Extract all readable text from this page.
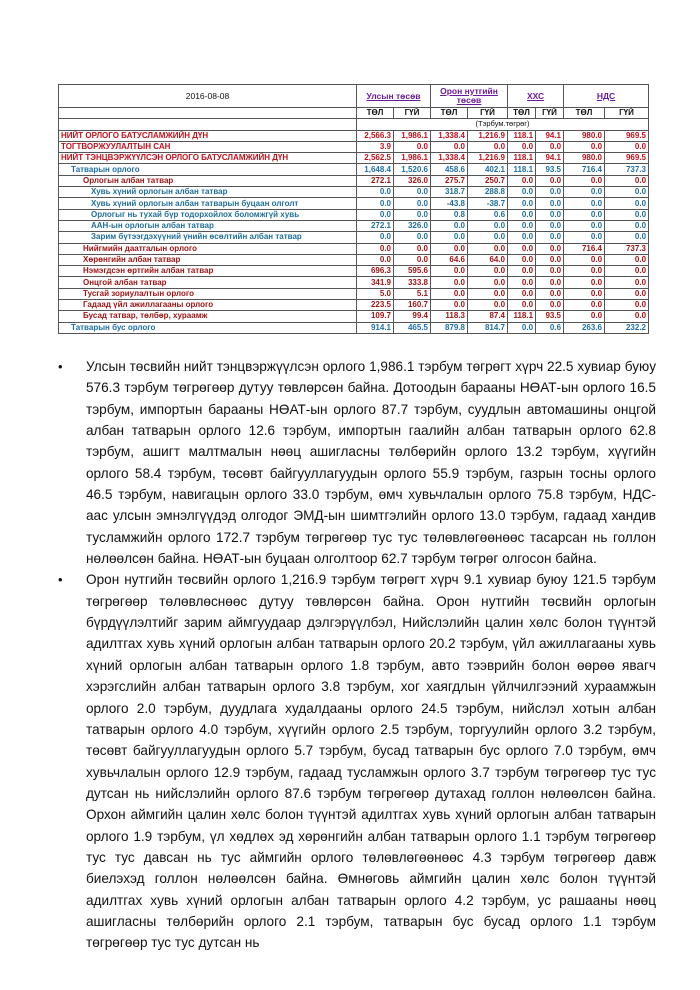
2016-08-08	Улсын төсөв		Орон нутгийн төсөв		ХХС		НДС	
	ТӨЛ	ГҮЙ	ТӨЛ	ГҮЙ	ТӨЛ	ГҮЙ	ТӨЛ	ГҮЙ
	(Тэрбум.төгрөг)							
НИЙТ ОРЛОГО БАТУСЛАМЖИЙН ДҮН	2,566.3	1,986.1	1,338.4	1,216.9	118.1	94.1	980.0	969.5
ТОГТВОРЖУУЛАЛТЫН САН	3.9	0.0	0.0	0.0	0.0	0.0	0.0	0.0
НИЙТ ТЭНЦВЭРЖҮҮЛСЭН ОРЛОГО БАТУСЛАМЖИЙН ДҮН	2,562.5	1,986.1	1,338.4	1,216.9	118.1	94.1	980.0	969.5
Татварын орлого	1,648.4	1,520.6	458.6	402.1	118.1	93.5	716.4	737.3
Орлогын албан татвар	272.1	326.0	275.7	250.7	0.0	0.0	0.0	0.0
Хувь хүний орлогын албан татвар	0.0	0.0	318.7	288.8	0.0	0.0	0.0	0.0
Хувь хүний орлогын албан татварын буцаан олголт	0.0	0.0	-43.8	-38.7	0.0	0.0	0.0	0.0
Орлогыг нь тухай бүр тодорхойлох боломжгүй хувь	0.0	0.0	0.8	0.6	0.0	0.0	0.0	0.0
ААН-ын орлогын албан татвар	272.1	326.0	0.0	0.0	0.0	0.0	0.0	0.0
Зарим бүтээгдэхүүний үнийн өсөлтийн албан татвар	0.0	0.0	0.0	0.0	0.0	0.0	0.0	0.0
Нийгмийн даатгалын орлого	0.0	0.0	0.0	0.0	0.0	0.0	716.4	737.3
Хөрөнгийн албан татвар	0.0	0.0	64.6	64.0	0.0	0.0	0.0	0.0
Нэмэгдсэн өртгийн албан татвар	696.3	595.6	0.0	0.0	0.0	0.0	0.0	0.0
Онцгой албан татвар	341.9	333.8	0.0	0.0	0.0	0.0	0.0	0.0
Тусгай зориулалтын орлого	5.0	5.1	0.0	0.0	0.0	0.0	0.0	0.0
Гадаад үйл ажиллагааны орлого	223.5	160.7	0.0	0.0	0.0	0.0	0.0	0.0
Бусад татвар, төлбөр, хураамж	109.7	99.4	118.3	87.4	118.1	93.5	0.0	0.0
Татварын бус орлого	914.1	465.5	879.8	814.7	0.0	0.6	263.6	232.2

• Улсын төсвийн нийт тэнцвэржүүлсэн орлого 1,986.1 тэрбум төгрөгт хүрч 22.5 хувиар буюу 576.3 тэрбум төгрөгөөр дутуу төвлөрсөн байна. Дотоодын барааны НӨАТ-ын орлого 16.5 тэрбум, импортын барааны НӨАТ-ын орлого 87.7 тэрбум, суудлын автомашины онцгой албан татварын орлого 12.6 тэрбум, импортын гаалийн албан татварын орлого 62.8 тэрбум, ашигт малтмалын нөөц ашигласны төлбөрийн орлого 13.2 тэрбум, хүүгийн орлого 58.4 тэрбум, төсөвт байгууллагуудын орлого 55.9 тэрбум, газрын тосны орлого 46.5 тэрбум, навигацын орлого 33.0 тэрбум, өмч хувьчлалын орлого 75.8 тэрбум, НДС-аас улсын эмнэлгүүдэд олгодог ЭМД-ын шимтгэлийн орлого 13.0 тэрбум, гадаад хандив тусламжийн орлого 172.7 тэрбум төгрөгөөр тус тус төлөвлөгөөнөөс тасарсан нь голлон нөлөөлсөн байна. НӨАТ-ын буцаан олголтоор 62.7 тэрбум төгрөг олгосон байна.

• Орон нутгийн төсвийн орлого 1,216.9 тэрбум төгрөгт хүрч 9.1 хувиар буюу 121.5 тэрбум төгрөгөөр төлөвлөснөөс дутуу төвлөрсөн байна. Орон нутгийн төсвийн орлогын бүрдүүлэлтийг зарим аймгуудаар дэлгэрүүлбэл, Нийслэлийн цалин хөлс болон түүнтэй адилтгах хувь хүний орлогын албан татварын орлого 20.2 тэрбум, үйл ажиллагааны хувь хүний орлогын албан татварын орлого 1.8 тэрбум, авто тээврийн болон өөрөө явагч хэрэгслийн албан татварын орлого 3.8 тэрбум, хог хаягдлын үйлчилгээний хураамжын орлого 2.0 тэрбум, дуудлага худалдааны орлого 24.5 тэрбум, нийслэл хотын албан татварын орлого 4.0 тэрбум, хүүгийн орлого 2.5 тэрбум, торгуулийн орлого 3.2 тэрбум, төсөвт байгууллагуудын орлого 5.7 тэрбум, бусад татварын бус орлого 7.0 тэрбум, өмч хувьчлалын орлого 12.9 тэрбум, гадаад тусламжын орлого 3.7 тэрбум төгрөгөөр тус тус дутсан нь нийслэлийн орлого 87.6 тэрбум төгрөгөөр дутахад голлон нөлөөлсөн байна. Орхон аймгийн цалин хөлс болон түүнтэй адилтгах хувь хүний орлогын албан татварын орлого 1.9 тэрбум, үл хөдлөх эд хөрөнгийн албан татварын орлого 1.1 тэрбум төгрөгөөр тус тус давсан нь тус аймгийн орлого төлөвлөгөөнөөс 4.3 тэрбум төгрөгөөр давж биелэхэд голлон нөлөөлсөн байна. Өмнөговь аймгийн цалин хөлс болон түүнтэй адилтгах хувь хүний орлогын албан татварын орлого 4.2 тэрбум, ус рашааны нөөц ашигласны төлбөрийн орлого 2.1 тэрбум, татварын бус бусад орлого 1.1 тэрбум төгрөгөөр тус тус дутсан нь
